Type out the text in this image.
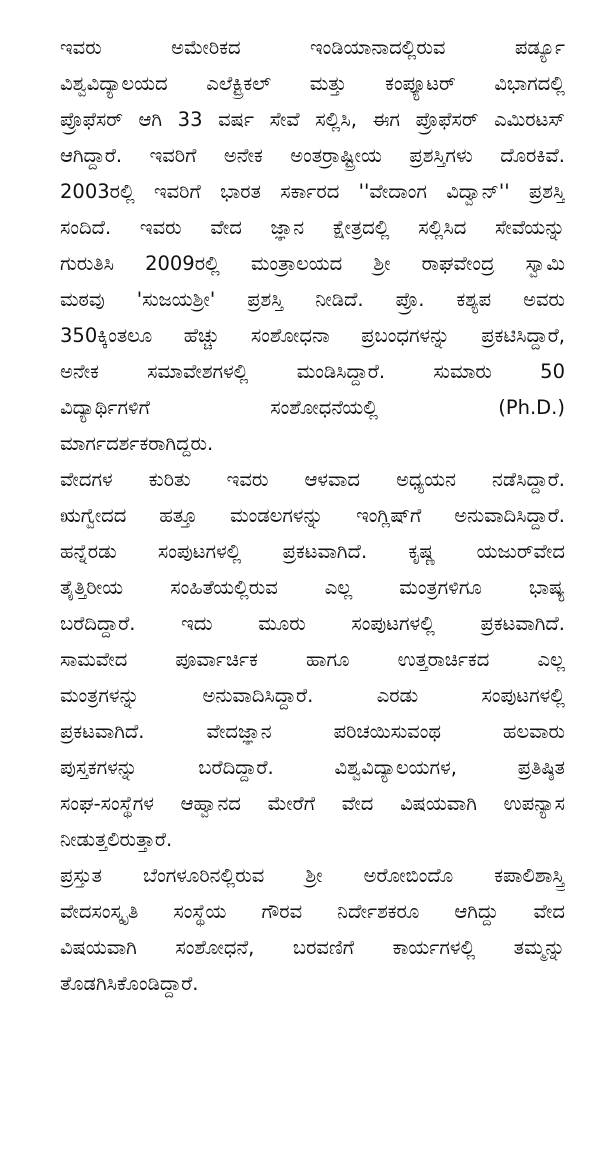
ಇವರು ಅಮೇರಿಕದ ಇಂಡಿಯಾನಾದಲ್ಲಿರುವ ಪರ್ಡ್ಯೂ
ವಿಶ್ವವಿದ್ಯಾಲಯದ ಎಲೆಕ್ಟ್ರಿಕಲ್ ಮತ್ತು ಕಂಪ್ಯೂಟರ್ ವಿಭಾಗದಲ್ಲಿ
ಪ್ರೊಫೆಸರ್ ಆಗಿ 33 ವರ್ಷ ಸೇವೆ ಸಲ್ಲಿಸಿ, ಈಗ ಪ್ರೊಫೆಸರ್ ಎಮಿರಟಸ್
ಆಗಿದ್ದಾರೆ. ಇವರಿಗೆ ಅನೇಕ ಅಂತರ್‍ರಾಷ್ಟ್ರೀಯ ಪ್ರಶಸ್ತಿಗಳು ದೊರಕಿವೆ.
2003ರಲ್ಲಿ ಇವರಿಗೆ ಭಾರತ ಸರ್ಕಾರದ ''ವೇದಾಂಗ ವಿದ್ವಾನ್'' ಪ್ರಶಸ್ತಿ
ಸಂದಿದೆ. ಇವರು ವೇದ ಜ್ಞಾನ ಕ್ಷೇತ್ರದಲ್ಲಿ ಸಲ್ಲಿಸಿದ ಸೇವೆಯನ್ನು
ಗುರುತಿಸಿ 2009ರಲ್ಲಿ ಮಂತ್ರಾಲಯದ ಶ್ರೀ ರಾಘವೇಂದ್ರ ಸ್ವಾಮಿ
ಮಠವು 'ಸುಜಯಶ್ರೀ' ಪ್ರಶಸ್ತಿ ನೀಡಿದೆ. ಪ್ರೊ. ಕಶ್ಯಪ ಅವರು
350ಕ್ಕಿಂತಲೂ ಹೆಚ್ಚು ಸಂಶೋಧನಾ ಪ್ರಬಂಧಗಳನ್ನು ಪ್ರಕಟಿಸಿದ್ದಾರೆ,
ಅನೇಕ ಸಮಾವೇಶಗಳಲ್ಲಿ ಮಂಡಿಸಿದ್ದಾರೆ. ಸುಮಾರು 50
ವಿದ್ಯಾರ್ಥಿಗಳಿಗೆ ಸಂಶೋಧನೆಯಲ್ಲಿ (Ph.D.)
ಮಾರ್ಗದರ್ಶಕರಾಗಿದ್ದರು.
ವೇದಗಳ ಕುರಿತು ಇವರು ಆಳವಾದ ಅಧ್ಯಯನ ನಡೆಸಿದ್ದಾರೆ.
ಋಗ್ವೇದದ ಹತ್ತೂ ಮಂಡಲಗಳನ್ನು ಇಂಗ್ಲಿಷ್‌ಗೆ ಅನುವಾದಿಸಿದ್ದಾರೆ.
ಹನ್ನೆರಡು ಸಂಪುಟಗಳಲ್ಲಿ ಪ್ರಕಟವಾಗಿದೆ. ಕೃಷ್ಣ ಯಜುರ್‌ವೇದ
ತೈತ್ತಿರೀಯ ಸಂಹಿತೆಯಲ್ಲಿರುವ ಎಲ್ಲ ಮಂತ್ರಗಳಿಗೂ ಭಾಷ್ಯ
ಬರೆದಿದ್ದಾರೆ. ಇದು ಮೂರು ಸಂಪುಟಗಳಲ್ಲಿ ಪ್ರಕಟವಾಗಿದೆ.
ಸಾಮವೇದ ಪೂರ್ವಾರ್ಚಿಕ ಹಾಗೂ ಉತ್ತರಾರ್ಚಿಕದ ಎಲ್ಲ
ಮಂತ್ರಗಳನ್ನು ಅನುವಾದಿಸಿದ್ದಾರೆ. ಎರಡು ಸಂಪುಟಗಳಲ್ಲಿ
ಪ್ರಕಟವಾಗಿದೆ. ವೇದಜ್ಞಾನ ಪರಿಚಯಿಸುವಂಥ ಹಲವಾರು
ಪುಸ್ತಕಗಳನ್ನು ಬರೆದಿದ್ದಾರೆ. ವಿಶ್ವವಿದ್ಯಾಲಯಗಳ, ಪ್ರತಿಷ್ಠಿತ
ಸಂಘ-ಸಂಸ್ಥೆಗಳ ಆಹ್ವಾನದ ಮೇರೆಗೆ ವೇದ ವಿಷಯವಾಗಿ ಉಪನ್ಯಾಸ
ನೀಡುತ್ತಲಿರುತ್ತಾರೆ.
ಪ್ರಸ್ತುತ ಬೆಂಗಳೂರಿನಲ್ಲಿರುವ ಶ್ರೀ ಅರೋಬಿಂದೊ ಕಪಾಲಿಶಾಸ್ತ್ರಿ
ವೇದಸಂಸ್ಕೃತಿ ಸಂಸ್ಥೆಯ ಗೌರವ ನಿರ್ದೇಶಕರೂ ಆಗಿದ್ದು ವೇದ
ವಿಷಯವಾಗಿ ಸಂಶೋಧನೆ, ಬರವಣಿಗೆ ಕಾರ್ಯಗಳಲ್ಲಿ ತಮ್ಮನ್ನು
ತೊಡಗಿಸಿಕೊಂಡಿದ್ದಾರೆ.
